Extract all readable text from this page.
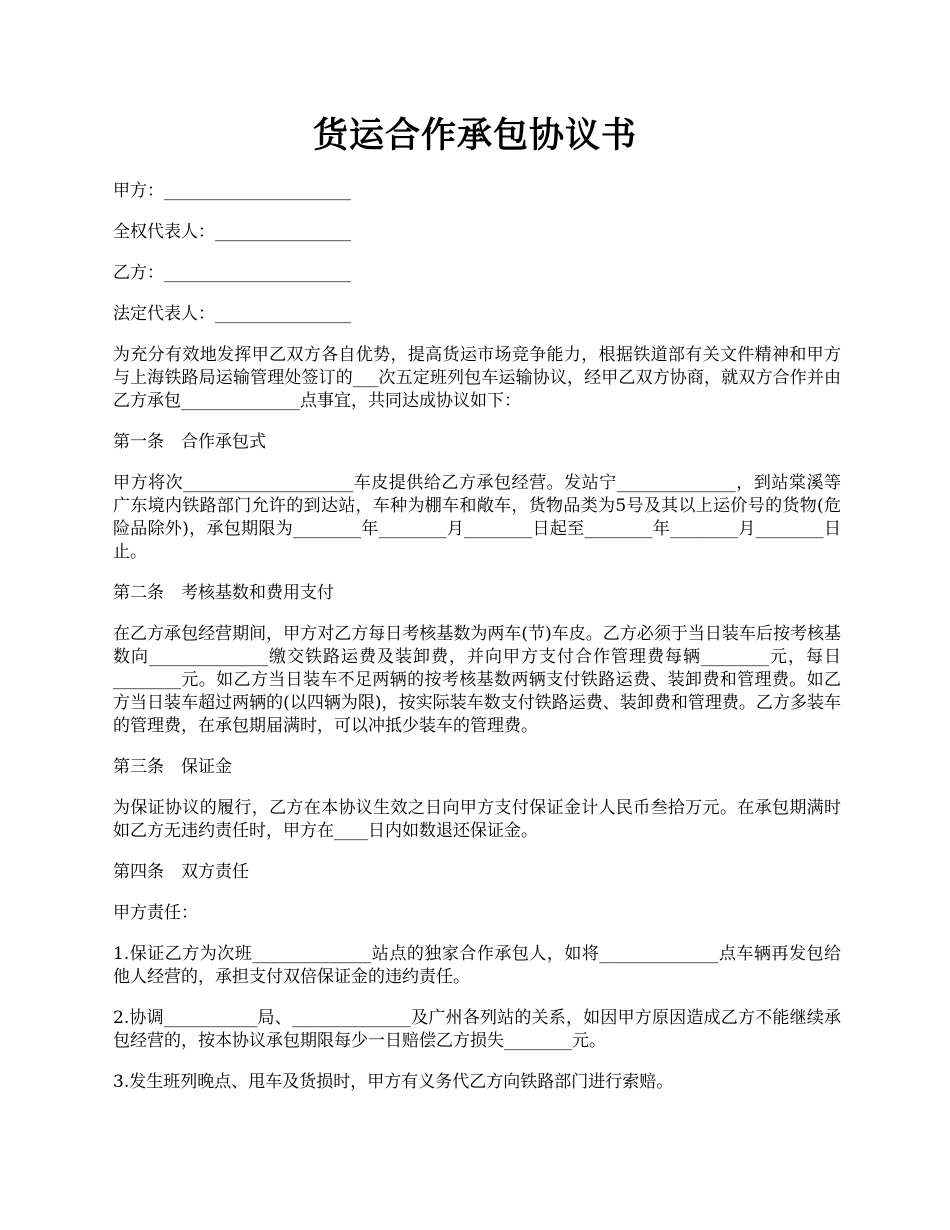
货运合作承包协议书

甲方：______________________

全权代表人：________________

乙方：______________________

法定代表人：________________

为充分有效地发挥甲乙双方各自优势，提高货运市场竞争能力，根据铁道部有关文件精神和甲方与上海铁路局运输管理处签订的___次五定班列包车运输协议，经甲乙双方协商，就双方合作并由乙方承包______________点事宜，共同达成协议如下：

第一条　合作承包式

甲方将次____________________车皮提供给乙方承包经营。发站宁______________，到站棠溪等广东境内铁路部门允许的到达站，车种为棚车和敞车，货物品类为5号及其以上运价号的货物(危险品除外)，承包期限为________年________月________日起至________年________月________日止。

第二条　考核基数和费用支付

在乙方承包经营期间，甲方对乙方每日考核基数为两车(节)车皮。乙方必须于当日装车后按考核基数向______________缴交铁路运费及装卸费，并向甲方支付合作管理费每辆________元，每日________元。如乙方当日装车不足两辆的按考核基数两辆支付铁路运费、装卸费和管理费。如乙方当日装车超过两辆的(以四辆为限)，按实际装车数支付铁路运费、装卸费和管理费。乙方多装车的管理费，在承包期届满时，可以冲抵少装车的管理费。

第三条　保证金

为保证协议的履行，乙方在本协议生效之日向甲方支付保证金计人民币叁拾万元。在承包期满时如乙方无违约责任时，甲方在____日内如数退还保证金。

第四条　双方责任

甲方责任：

1.保证乙方为次班______________站点的独家合作承包人，如将______________点车辆再发包给他人经营的，承担支付双倍保证金的违约责任。

2.协调___________局、______________及广州各列站的关系，如因甲方原因造成乙方不能继续承包经营的，按本协议承包期限每少一日赔偿乙方损失________元。

3.发生班列晚点、甩车及货损时，甲方有义务代乙方向铁路部门进行索赔。
